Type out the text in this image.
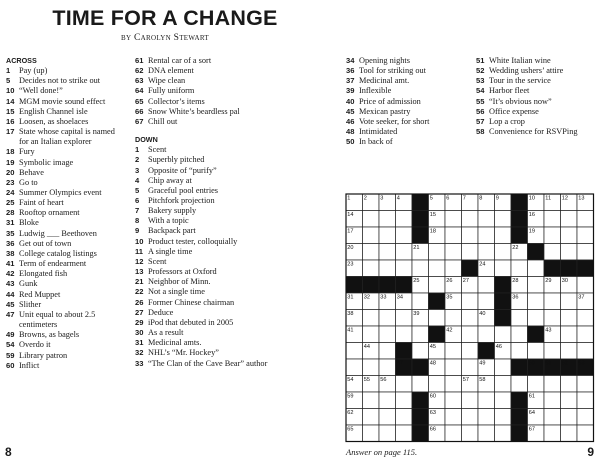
TIME FOR A CHANGE
by Carolyn Stewart
ACROSS
1	Pay (up)
5	Decides not to strike out
10 “Well done!”
14 MGM movie sound effect
15 English Channel isle
16 Loosen, as shoelaces
17 State whose capital is named for an Italian explorer
18 Fury
19 Symbolic image
20 Behave
23 Go to
24 Summer Olympics event
25 Faint of heart
28 Rooftop ornament
31 Bloke
35 Ludwig ___ Beethoven
36 Get out of town
38 College catalog listings
41 Term of endearment
42 Elongated fish
43 Gunk
44 Red Muppet
45 Slither
47 Unit equal to about 2.5 centimeters
49 Browns, as bagels
54 Overdo it
59 Library patron
60 Inflict
61 Rental car of a sort
62 DNA element
63 Wipe clean
64 Fully uniform
65 Collector’s items
66 Snow White’s beardless pal
67 Chill out
DOWN
1	Scent
2	Superbly pitched
3	Opposite of “purify”
4	Chip away at
5	Graceful pool entries
6	Pitchfork projection
7	Bakery supply
8	With a topic
9	Backpack part
10 Product tester, colloquially
11 A single time
12 Scent
13 Professors at Oxford
21 Neighbor of Minn.
22 Not a single time
26 Former Chinese chairman
27 Deduce
29 iPod that debuted in 2005
30 As a result
31 Medicinal amts.
32 NHL’s “Mr. Hockey”
33 “The Clan of the Cave Bear” author
34 Opening nights
36 Tool for striking out
37 Medicinal amt.
39 Inflexible
40 Price of admission
45 Mexican pastry
46 Vote seeker, for short
48 Intimidated
50 In back of
51 White Italian wine
52 Wedding ushers’ attire
53 Tour in the service
54 Harbor fleet
55 “It’s obvious now”
56 Office expense
57 Lop a crop
58 Convenience for RSVPing
1 2 3 4	5 6 7 8 9	10 11 12 13
14	15	16
17	18	19
20	21	22
23	24
25	26 27	28	29 30
31 32 33 34	35	36	37
38	39	40
41	42	43
44	45	46
47	48	49	50 51 52 53
54 55 56	57 58
59	60	61
62	63	64
65	66	67
8	Answer on page 115.	9
